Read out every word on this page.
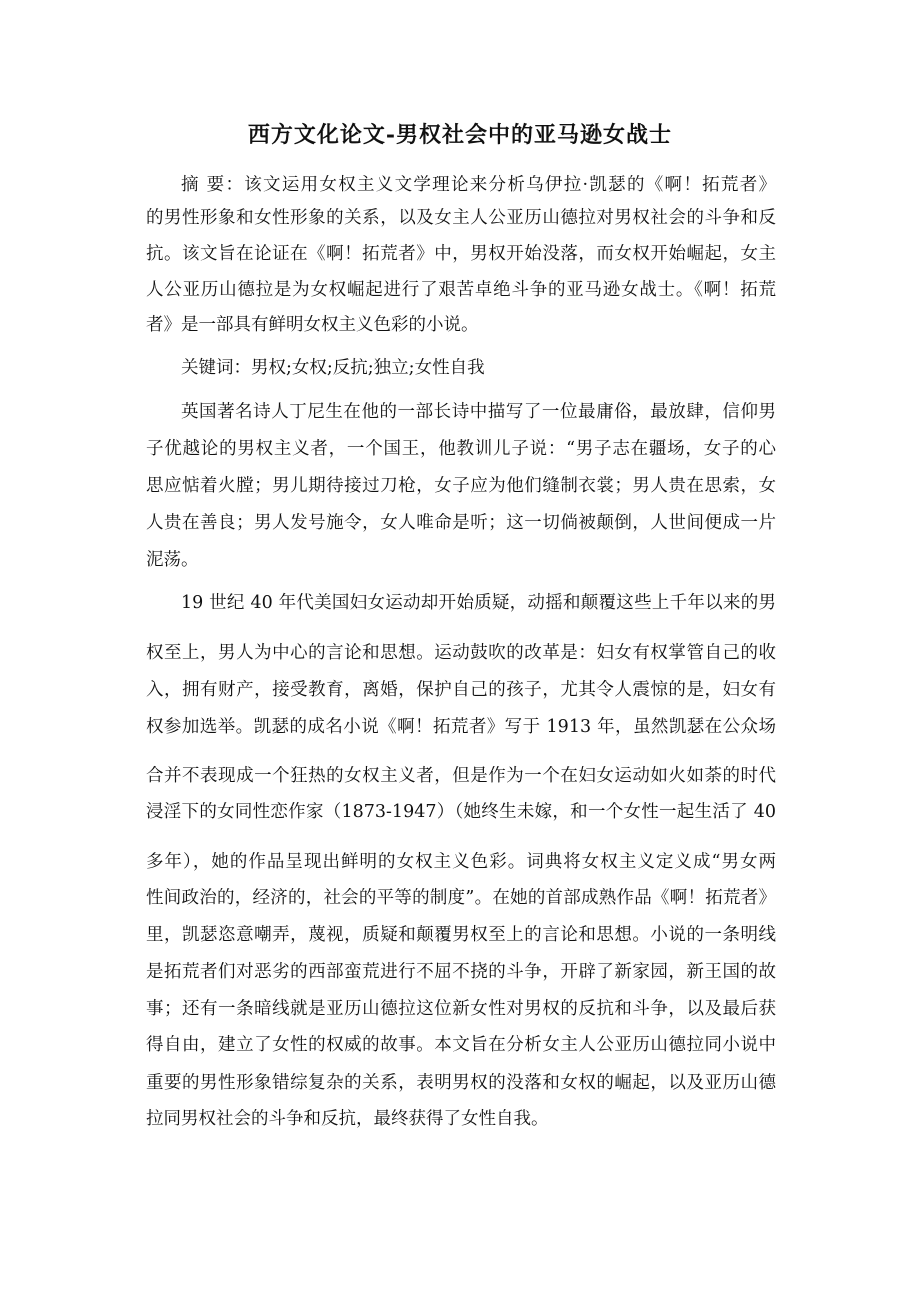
西方文化论文-男权社会中的亚马逊女战士
摘 要：该文运用女权主义文学理论来分析乌伊拉·凯瑟的《啊！拓荒者》
的男性形象和女性形象的关系，以及女主人公亚历山德拉对男权社会的斗争和反
抗。该文旨在论证在《啊！拓荒者》中，男权开始没落，而女权开始崛起，女主
人公亚历山德拉是为女权崛起进行了艰苦卓绝斗争的亚马逊女战士。《啊！拓荒
者》是一部具有鲜明女权主义色彩的小说。
关键词：男权;女权;反抗;独立;女性自我
英国著名诗人丁尼生在他的一部长诗中描写了一位最庸俗，最放肆，信仰男
子优越论的男权主义者，一个国王，他教训儿子说：“男子志在疆场，女子的心
思应惦着火膛；男儿期待接过刀枪，女子应为他们缝制衣裳；男人贵在思索，女
人贵在善良；男人发号施令，女人唯命是听；这一切倘被颠倒，人世间便成一片
泥荡。
19 世纪 40 年代美国妇女运动却开始质疑，动摇和颠覆这些上千年以来的男
权至上，男人为中心的言论和思想。运动鼓吹的改革是：妇女有权掌管自己的收
入，拥有财产，接受教育，离婚，保护自己的孩子，尤其令人震惊的是，妇女有
权参加选举。凯瑟的成名小说《啊！拓荒者》写于 1913 年，虽然凯瑟在公众场
合并不表现成一个狂热的女权主义者，但是作为一个在妇女运动如火如荼的时代
浸淫下的女同性恋作家（1873-1947）（她终生未嫁，和一个女性一起生活了 40
多年），她的作品呈现出鲜明的女权主义色彩。词典将女权主义定义成“男女两
性间政治的，经济的，社会的平等的制度”。在她的首部成熟作品《啊！拓荒者》
里，凯瑟恣意嘲弄，蔑视，质疑和颠覆男权至上的言论和思想。小说的一条明线
是拓荒者们对恶劣的西部蛮荒进行不屈不挠的斗争，开辟了新家园，新王国的故
事；还有一条暗线就是亚历山德拉这位新女性对男权的反抗和斗争，以及最后获
得自由，建立了女性的权威的故事。本文旨在分析女主人公亚历山德拉同小说中
重要的男性形象错综复杂的关系，表明男权的没落和女权的崛起，以及亚历山德
拉同男权社会的斗争和反抗，最终获得了女性自我。
